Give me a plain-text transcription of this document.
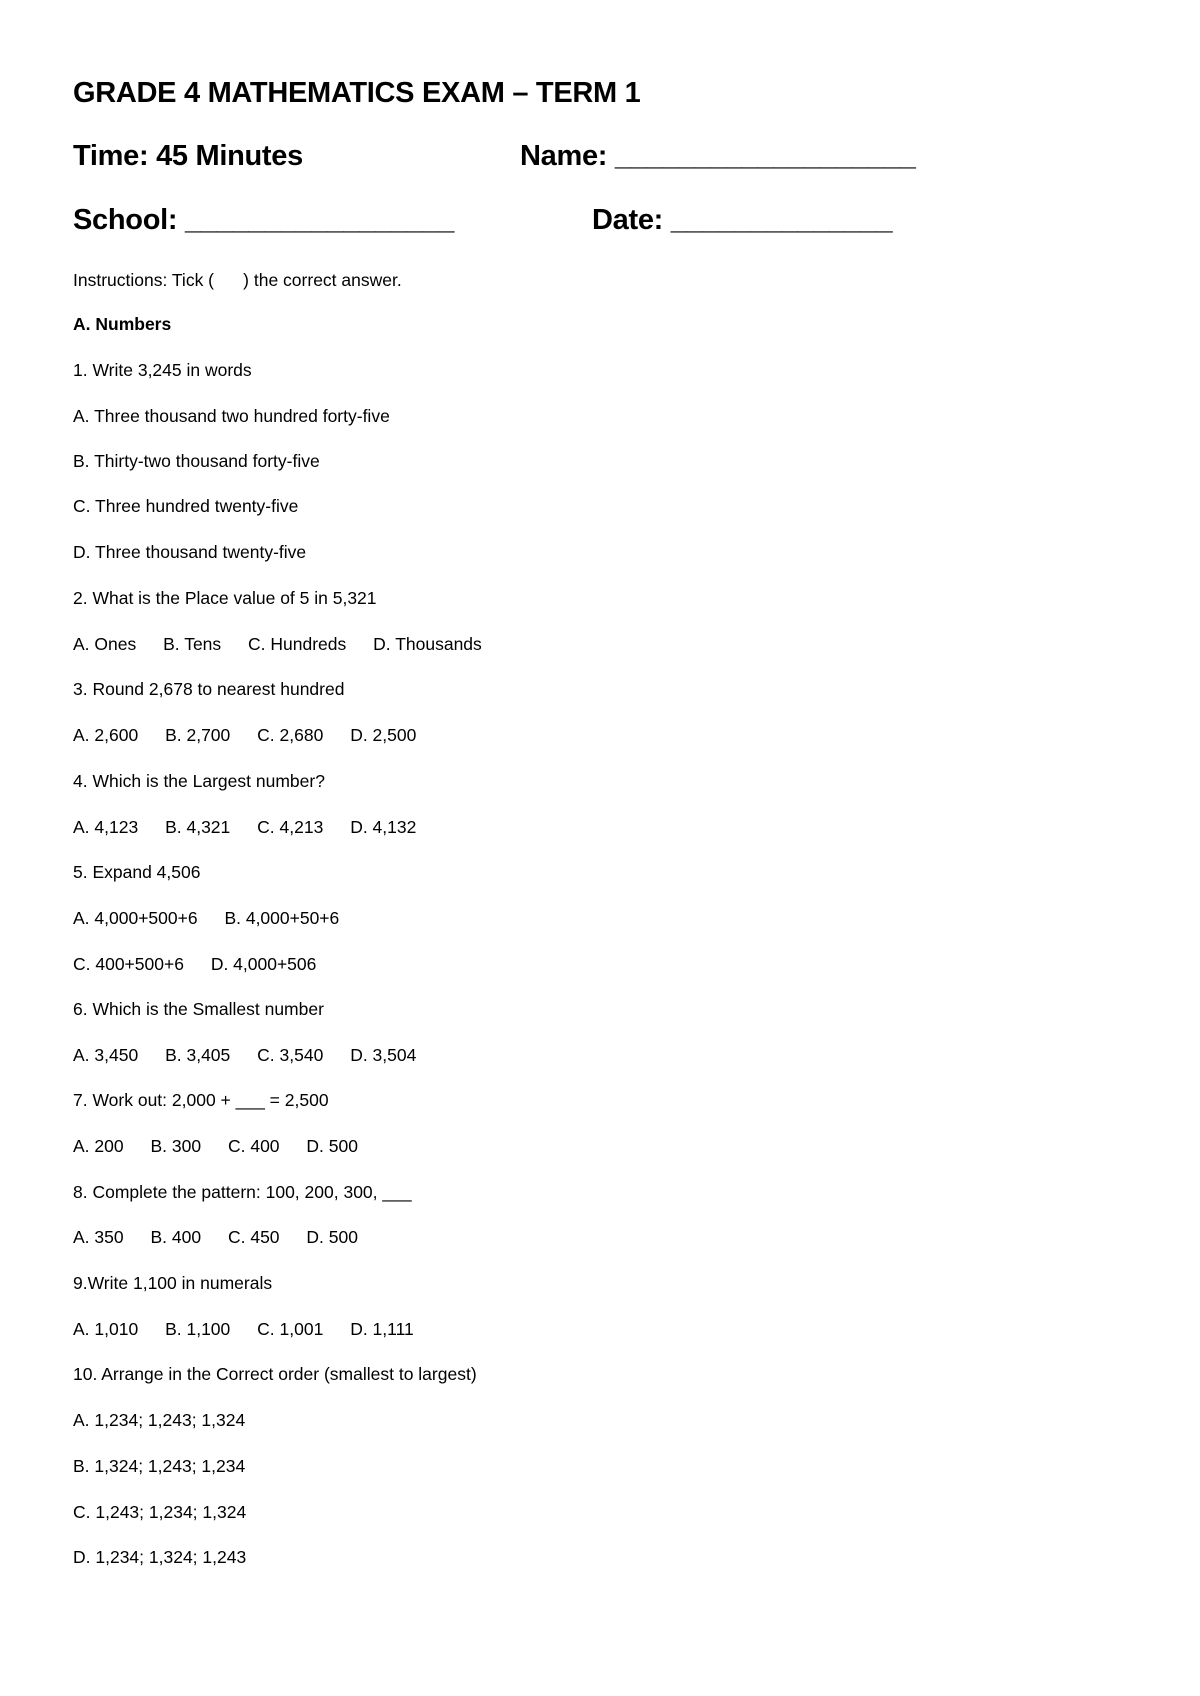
GRADE 4 MATHEMATICS EXAM – TERM 1
Time: 45 Minutes	Name: ___________________
School: _________________	Date: ______________
Instructions: Tick (      ) the correct answer.
A. Numbers
1. Write 3,245 in words
A. Three thousand two hundred forty-five
B. Thirty-two thousand forty-five
C. Three hundred twenty-five
D. Three thousand twenty-five
2. What is the Place value of 5 in 5,321
A. Ones B. Tens C. Hundreds D. Thousands
3. Round 2,678 to nearest hundred
A. 2,600 B. 2,700 C. 2,680 D. 2,500
4. Which is the Largest number?
A. 4,123 B. 4,321 C. 4,213 D. 4,132
5. Expand 4,506
A. 4,000+500+6 B. 4,000+50+6
C. 400+500+6 D. 4,000+506
6. Which is the Smallest number
A. 3,450 B. 3,405 C. 3,540 D. 3,504
7. Work out: 2,000 + ___ = 2,500
A. 200 B. 300 C. 400 D. 500
8. Complete the pattern: 100, 200, 300, ___
A. 350 B. 400 C. 450 D. 500
9.Write 1,100 in numerals
A. 1,010 B. 1,100 C. 1,001 D. 1,111
10. Arrange in the Correct order (smallest to largest)
A. 1,234; 1,243; 1,324
B. 1,324; 1,243; 1,234
C. 1,243; 1,234; 1,324
D. 1,234; 1,324; 1,243
